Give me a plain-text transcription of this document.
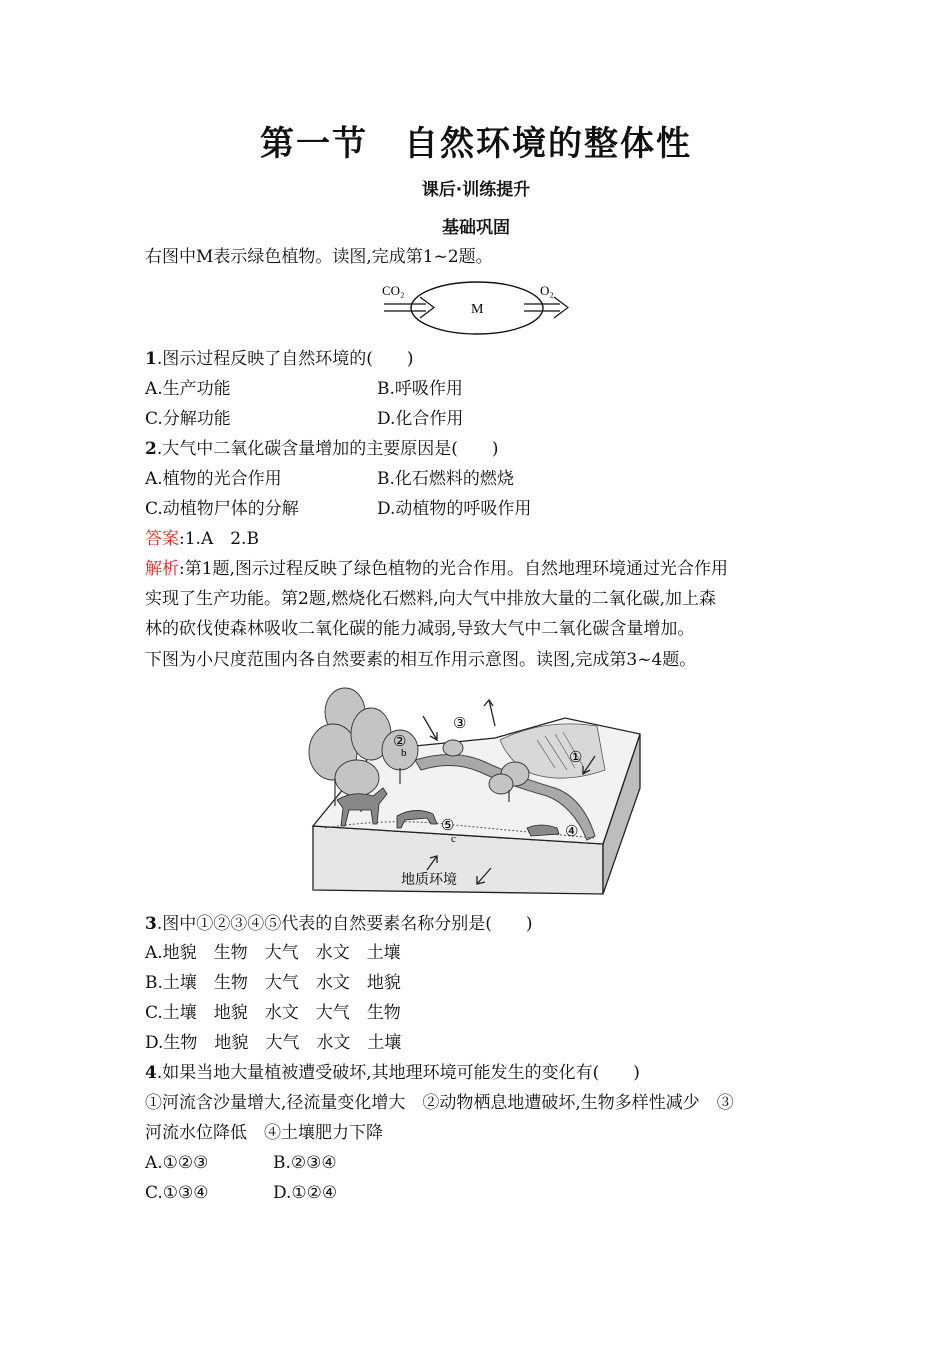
第一节　自然环境的整体性
课后·训练提升
基础巩固
右图中M表示绿色植物。读图,完成第1~2题。
CO₂
M
O₂
1.图示过程反映了自然环境的(　　)
A.生产功能	B.呼吸作用
C.分解功能	D.化合作用
2.大气中二氧化碳含量增加的主要原因是(　　)
A.植物的光合作用	B.化石燃料的燃烧
C.动植物尸体的分解	D.动植物的呼吸作用
答案:1.A　2.B
解析:第1题,图示过程反映了绿色植物的光合作用。自然地理环境通过光合作用
实现了生产功能。第2题,燃烧化石燃料,向大气中排放大量的二氧化碳,加上森
林的砍伐使森林吸收二氧化碳的能力减弱,导致大气中二氧化碳含量增加。
下图为小尺度范围内各自然要素的相互作用示意图。读图,完成第3~4题。
①
②
③
④
⑤
b
c
地质环境
3.图中①②③④⑤代表的自然要素名称分别是(　　)
A.地貌　生物　大气　水文　土壤
B.土壤　生物　大气　水文　地貌
C.土壤　地貌　水文　大气　生物
D.生物　地貌　大气　水文　土壤
4.如果当地大量植被遭受破坏,其地理环境可能发生的变化有(　　)
①河流含沙量增大,径流量变化增大　②动物栖息地遭破坏,生物多样性减少　③
河流水位降低　④土壤肥力下降
A.①②③	B.②③④
C.①③④	D.①②④
